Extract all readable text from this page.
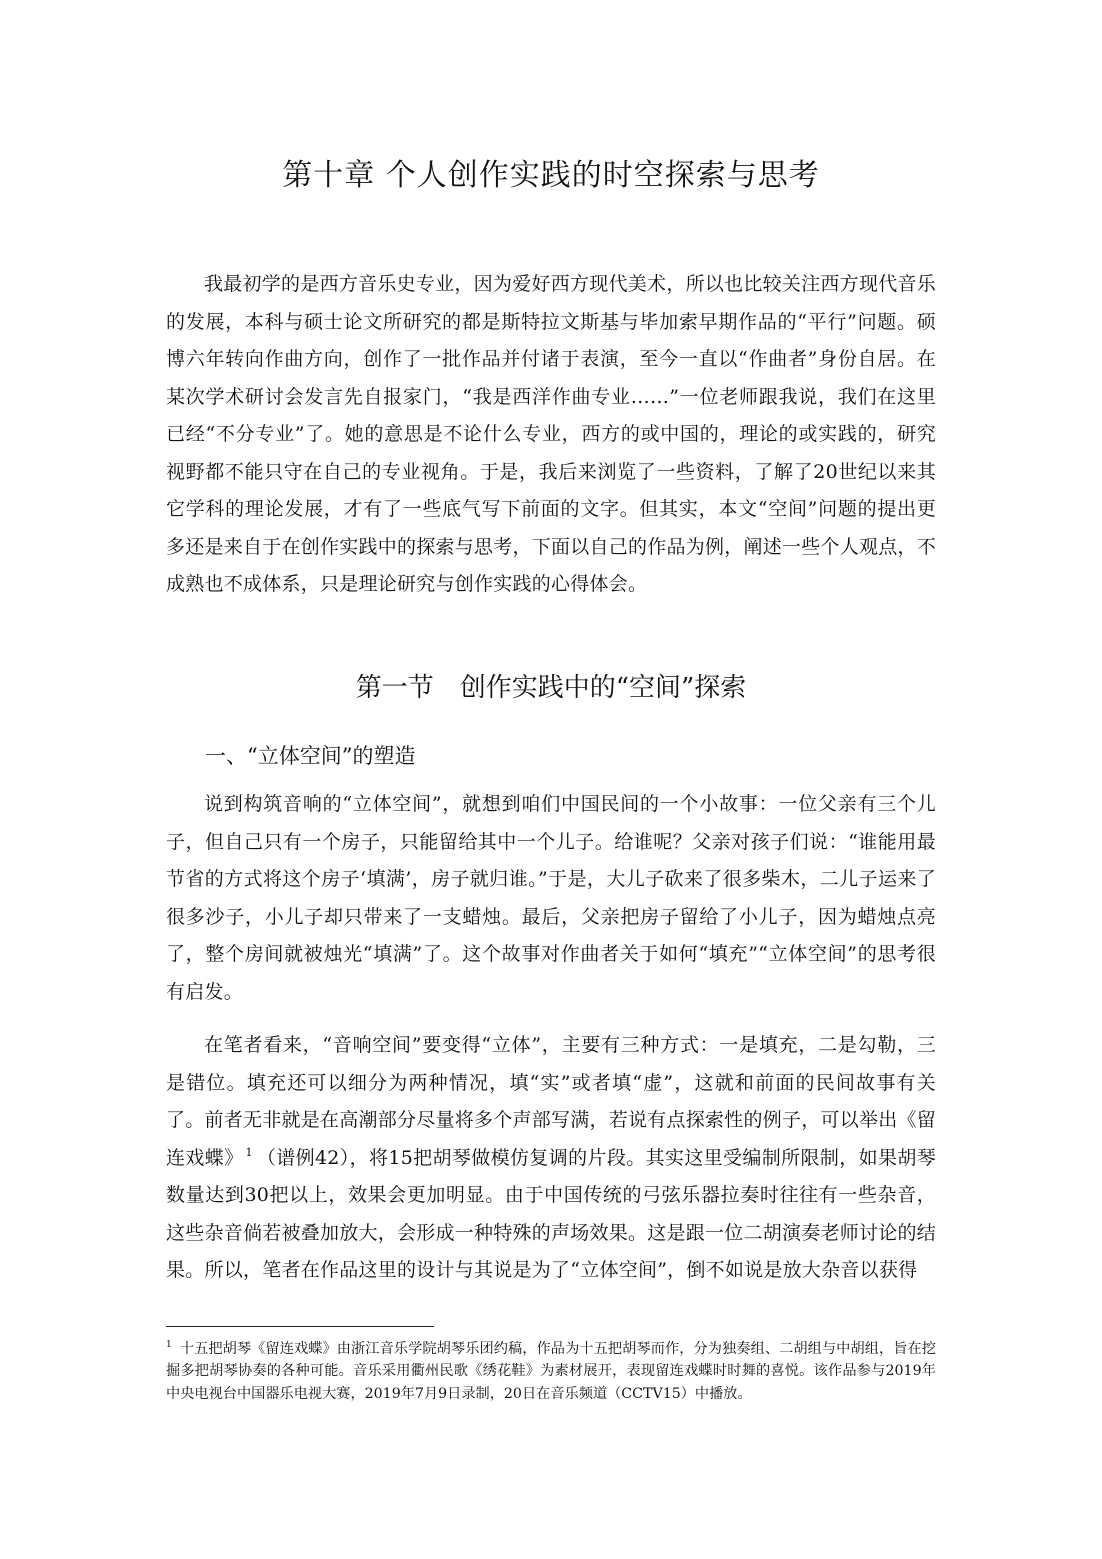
第十章 个人创作实践的时空探索与思考

我最初学的是西方音乐史专业，因为爱好西方现代美术，所以也比较关注西方现代音乐的发展，本科与硕士论文所研究的都是斯特拉文斯基与毕加索早期作品的“平行”问题。硕博六年转向作曲方向，创作了一批作品并付诸于表演，至今一直以“作曲者”身份自居。在某次学术研讨会发言先自报家门，“我是西洋作曲专业……”一位老师跟我说，我们在这里已经“不分专业”了。她的意思是不论什么专业，西方的或中国的，理论的或实践的，研究视野都不能只守在自己的专业视角。于是，我后来浏览了一些资料，了解了20世纪以来其它学科的理论发展，才有了一些底气写下前面的文字。但其实，本文“空间”问题的提出更多还是来自于在创作实践中的探索与思考，下面以自己的作品为例，阐述一些个人观点，不成熟也不成体系，只是理论研究与创作实践的心得体会。

第一节 创作实践中的“空间”探索
一、“立体空间”的塑造

说到构筑音响的“立体空间”，就想到咱们中国民间的一个小故事：一位父亲有三个儿子，但自己只有一个房子，只能留给其中一个儿子。给谁呢？父亲对孩子们说：“谁能用最节省的方式将这个房子‘填满’，房子就归谁。”于是，大儿子砍来了很多柴木，二儿子运来了很多沙子，小儿子却只带来了一支蜡烛。最后，父亲把房子留给了小儿子，因为蜡烛点亮了，整个房间就被烛光“填满”了。这个故事对作曲者关于如何“填充”“立体空间”的思考很有启发。

在笔者看来，“音响空间”要变得“立体”，主要有三种方式：一是填充，二是勾勒，三是错位。填充还可以细分为两种情况，填“实”或者填“虚”，这就和前面的民间故事有关了。前者无非就是在高潮部分尽量将多个声部写满，若说有点探索性的例子，可以举出《留连戏蝶》 $^1$ （谱例42），将15把胡琴做模仿复调的片段。其实这里受编制所限制，如果胡琴数量达到30把以上，效果会更加明显。由于中国传统的弓弦乐器拉奏时往往有一些杂音，这些杂音倘若被叠加放大，会形成一种特殊的声场效果。这是跟一位二胡演奏老师讨论的结果。所以，笔者在作品这里的设计与其说是为了“立体空间”，倒不如说是放大杂音以获得

$^1$ 十五把胡琴《留连戏蝶》由浙江音乐学院胡琴乐团约稿，作品为十五把胡琴而作，分为独奏组、二胡组与中胡组，旨在挖掘多把胡琴协奏的各种可能。音乐采用衢州民歌《绣花鞋》为素材展开，表现留连戏蝶时时舞的喜悦。该作品参与2019年中央电视台中国器乐电视大赛，2019年7月9日录制，20日在音乐频道（CCTV15）中播放。
